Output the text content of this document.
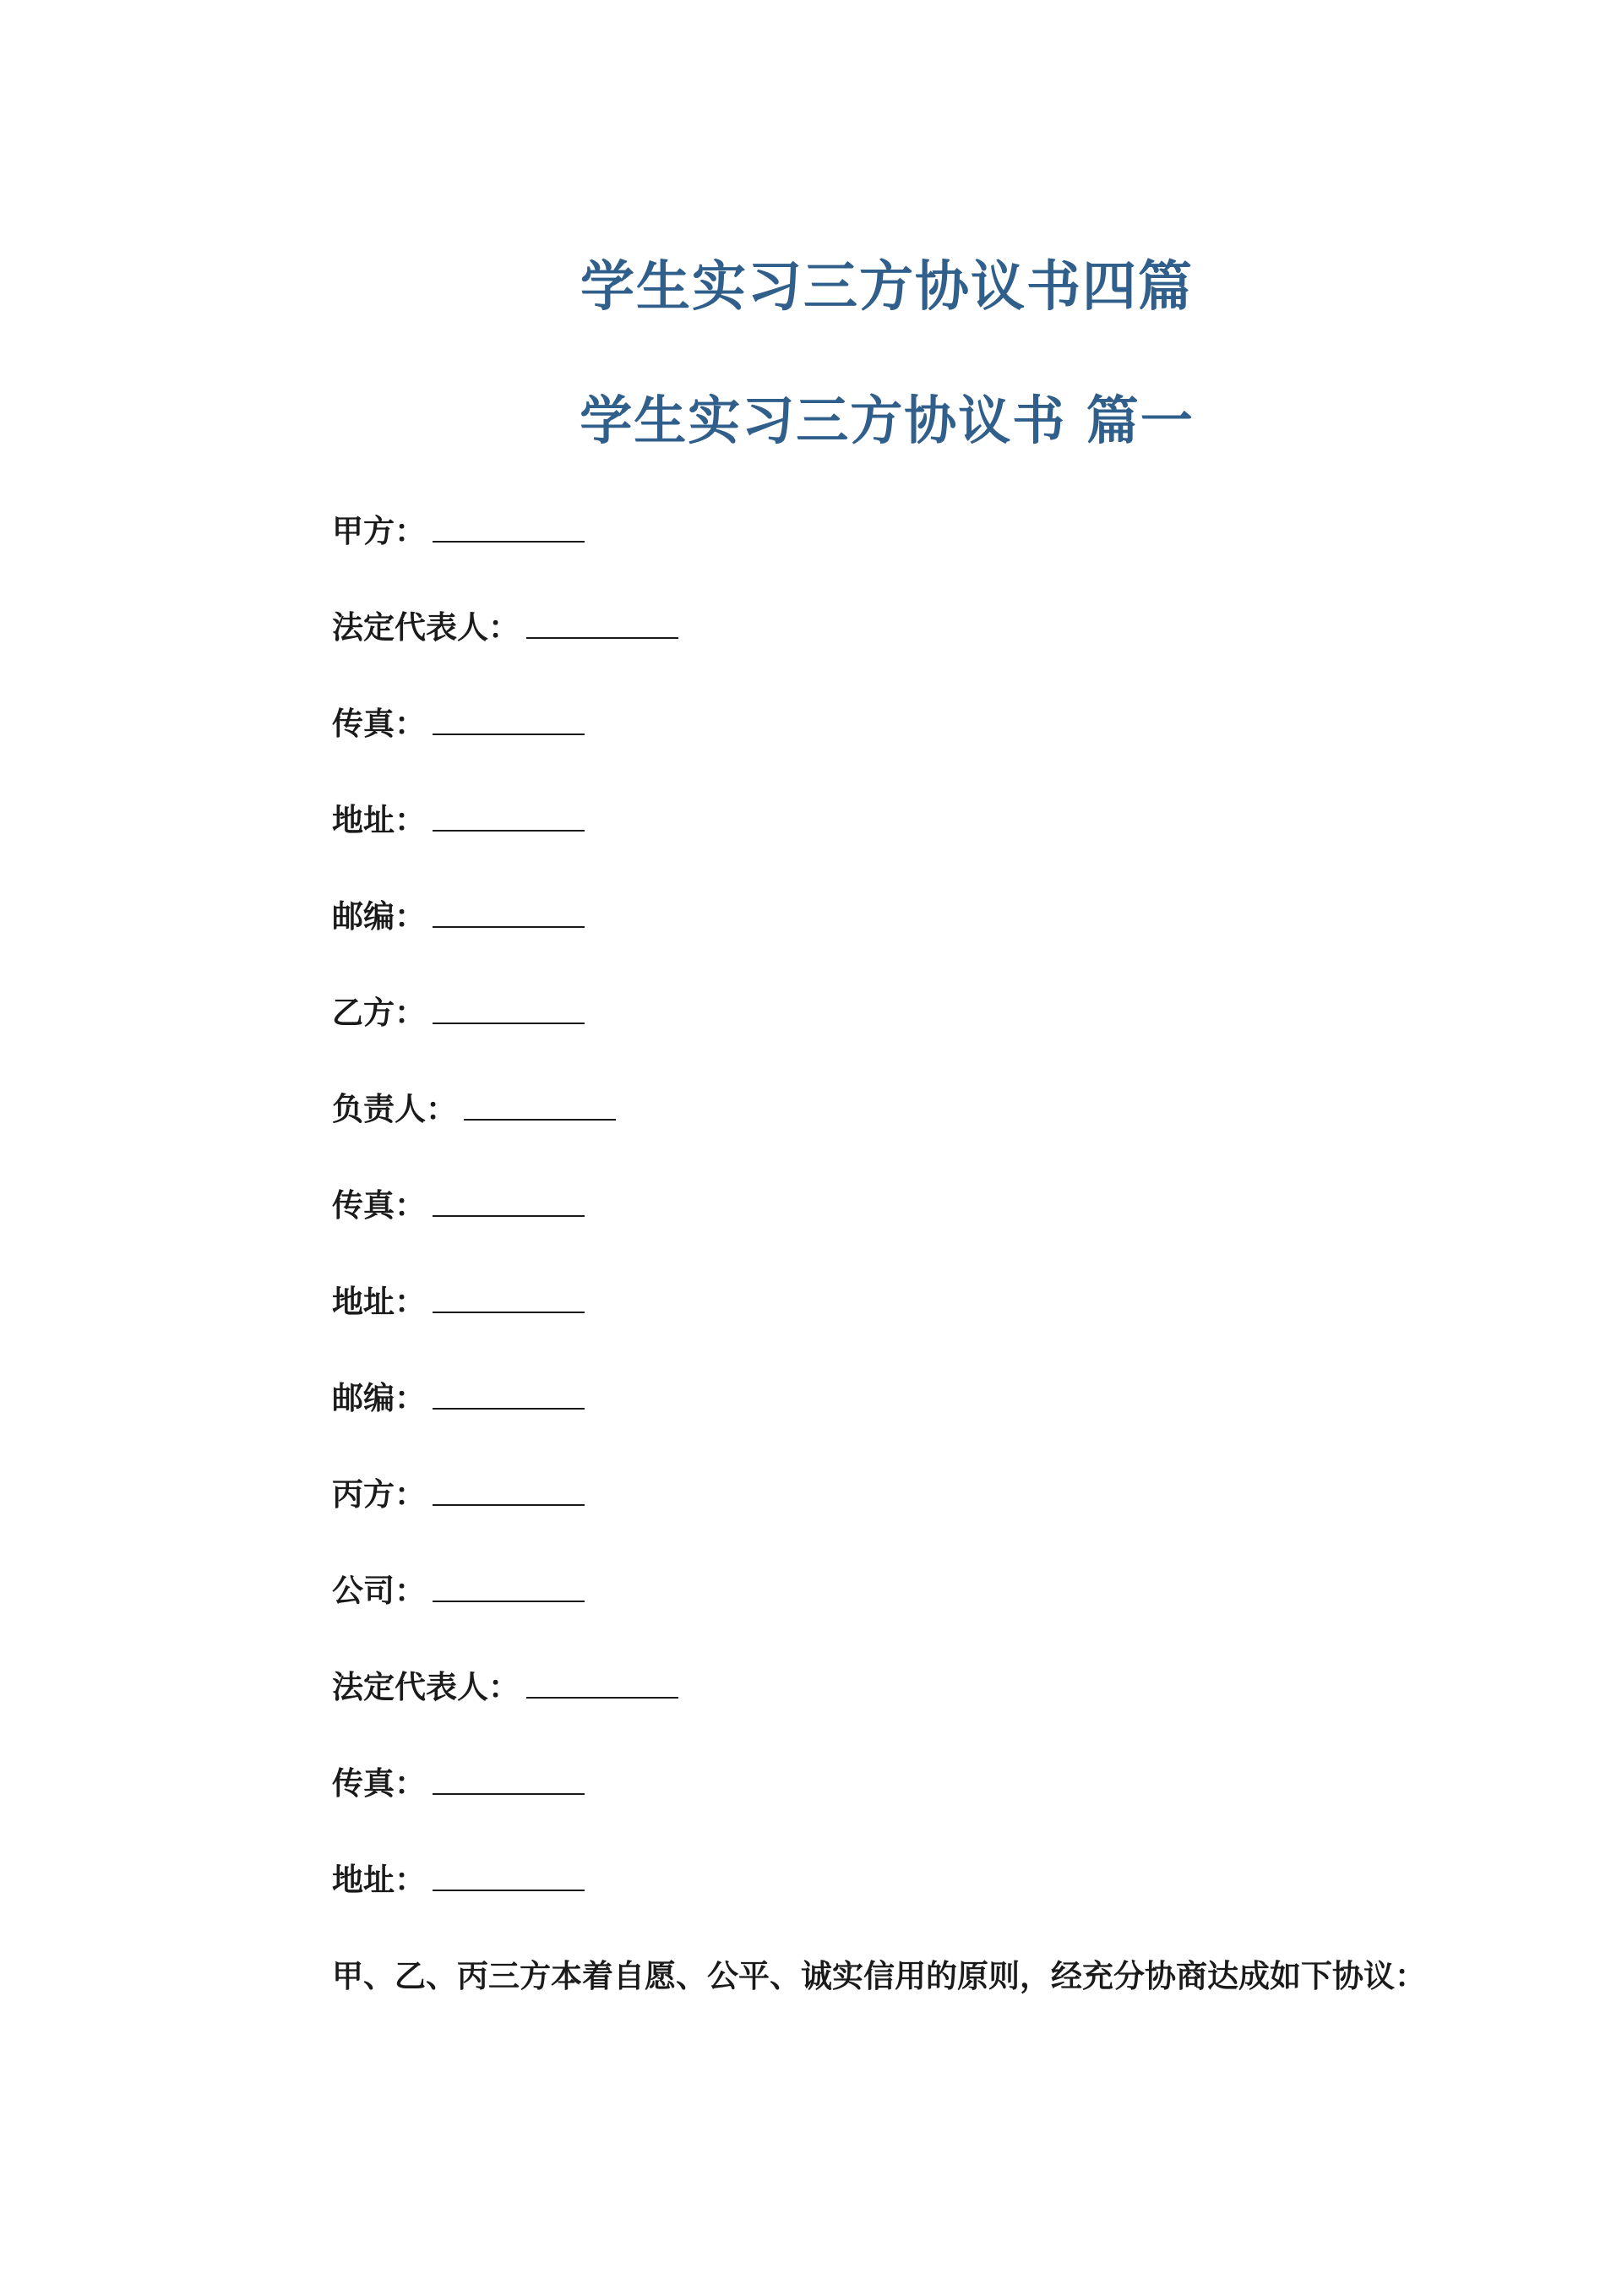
学生实习三方协议书四篇
学生实习三方协议书 篇一
甲方：
法定代表人：
传真：
地址：
邮编：
乙方：
负责人：
传真：
地址：
邮编：
丙方：
公司：
法定代表人：
传真：
地址：
甲、乙、丙三方本着自愿、公平、诚实信用的原则，经充分协商达成如下协议：
